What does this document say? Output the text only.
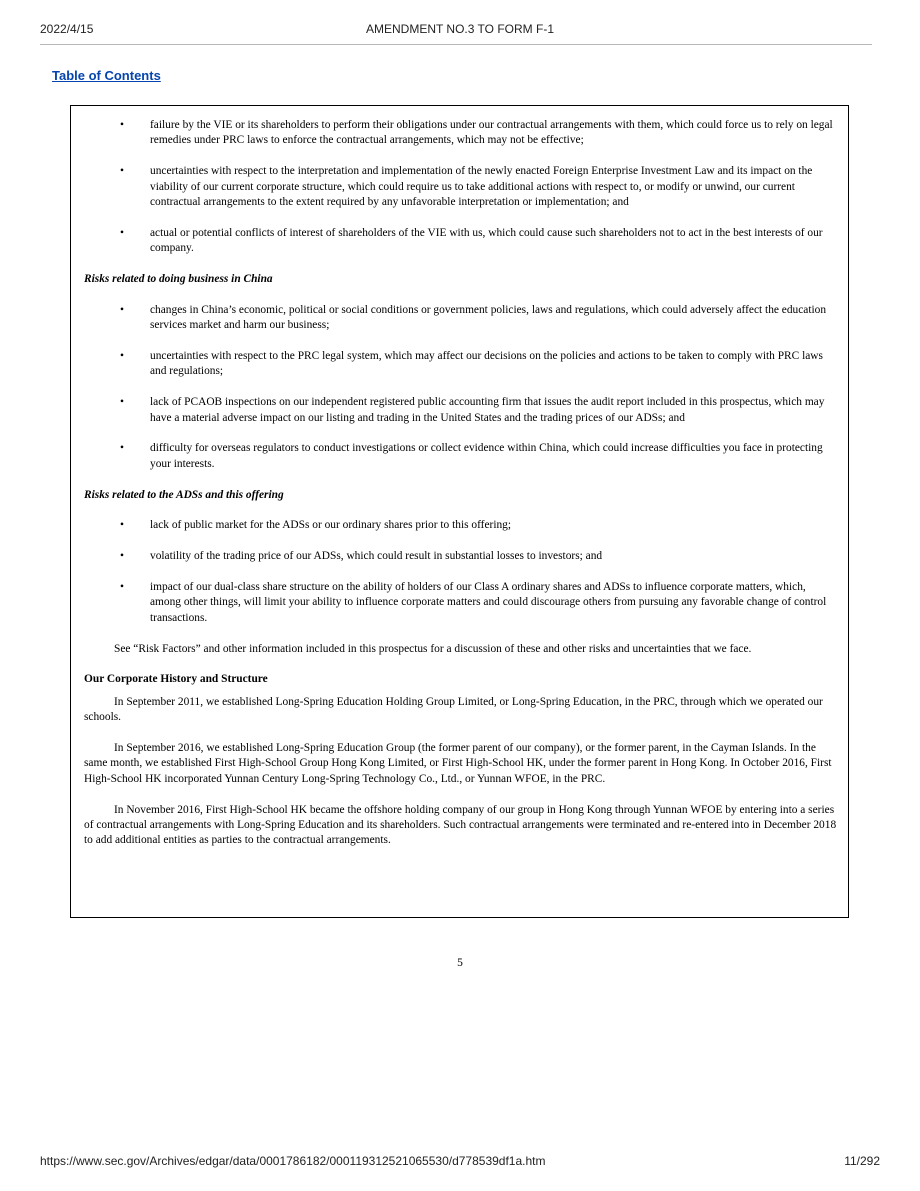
2022/4/15	AMENDMENT NO.3 TO FORM F-1
Table of Contents
• failure by the VIE or its shareholders to perform their obligations under our contractual arrangements with them, which could force us to rely on legal remedies under PRC laws to enforce the contractual arrangements, which may not be effective;
• uncertainties with respect to the interpretation and implementation of the newly enacted Foreign Enterprise Investment Law and its impact on the viability of our current corporate structure, which could require us to take additional actions with respect to, or modify or unwind, our current contractual arrangements to the extent required by any unfavorable interpretation or implementation; and
• actual or potential conflicts of interest of shareholders of the VIE with us, which could cause such shareholders not to act in the best interests of our company.
Risks related to doing business in China
• changes in China’s economic, political or social conditions or government policies, laws and regulations, which could adversely affect the education services market and harm our business;
• uncertainties with respect to the PRC legal system, which may affect our decisions on the policies and actions to be taken to comply with PRC laws and regulations;
• lack of PCAOB inspections on our independent registered public accounting firm that issues the audit report included in this prospectus, which may have a material adverse impact on our listing and trading in the United States and the trading prices of our ADSs; and
• difficulty for overseas regulators to conduct investigations or collect evidence within China, which could increase difficulties you face in protecting your interests.
Risks related to the ADSs and this offering
• lack of public market for the ADSs or our ordinary shares prior to this offering;
• volatility of the trading price of our ADSs, which could result in substantial losses to investors; and
• impact of our dual-class share structure on the ability of holders of our Class A ordinary shares and ADSs to influence corporate matters, which, among other things, will limit your ability to influence corporate matters and could discourage others from pursuing any favorable change of control transactions.

See “Risk Factors” and other information included in this prospectus for a discussion of these and other risks and uncertainties that we face.

Our Corporate History and Structure

In September 2011, we established Long-Spring Education Holding Group Limited, or Long-Spring Education, in the PRC, through which we operated our schools.

In September 2016, we established Long-Spring Education Group (the former parent of our company), or the former parent, in the Cayman Islands. In the same month, we established First High-School Group Hong Kong Limited, or First High-School HK, under the former parent in Hong Kong. In October 2016, First High-School HK incorporated Yunnan Century Long-Spring Technology Co., Ltd., or Yunnan WFOE, in the PRC.

In November 2016, First High-School HK became the offshore holding company of our group in Hong Kong through Yunnan WFOE by entering into a series of contractual arrangements with Long-Spring Education and its shareholders. Such contractual arrangements were terminated and re-entered into in December 2018 to add additional entities as parties to the contractual arrangements.

5
https://www.sec.gov/Archives/edgar/data/0001786182/000119312521065530/d778539df1a.htm	11/292
